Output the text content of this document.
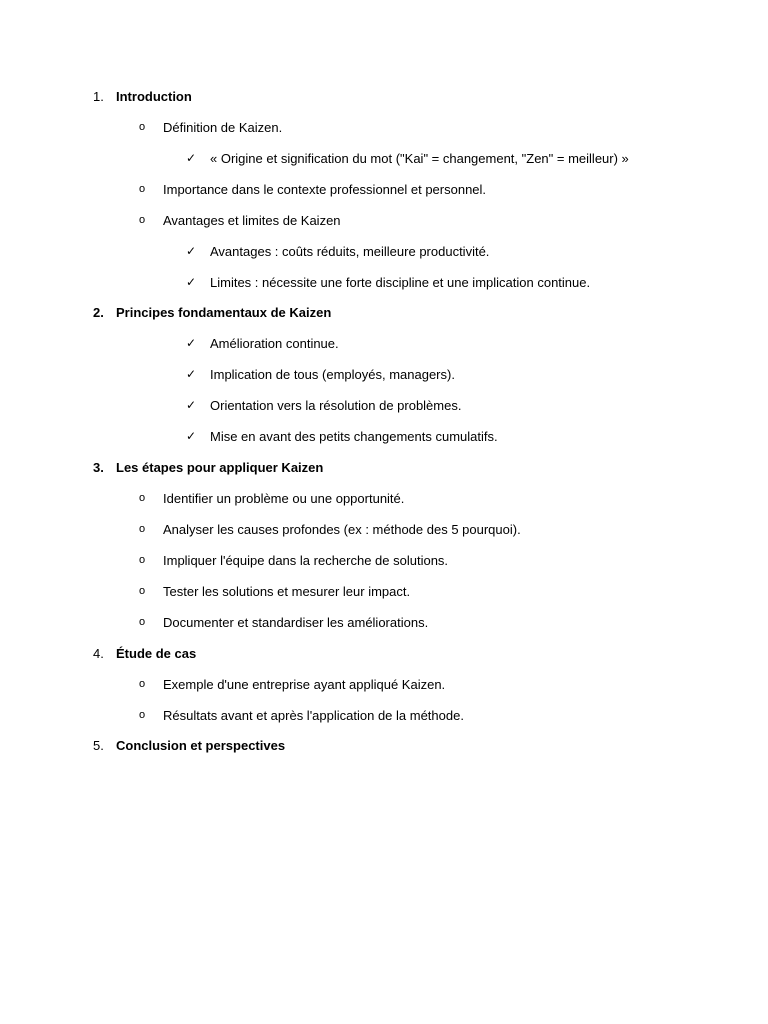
1. Introduction
o	Définition de Kaizen.
✓	« Origine et signification du mot ("Kai" = changement, "Zen" = meilleur) »
o	Importance dans le contexte professionnel et personnel.
o	Avantages et limites de Kaizen
✓	Avantages : coûts réduits, meilleure productivité.
✓	Limites : nécessite une forte discipline et une implication continue.
2. Principes fondamentaux de Kaizen
✓	Amélioration continue.
✓	Implication de tous (employés, managers).
✓	Orientation vers la résolution de problèmes.
✓	Mise en avant des petits changements cumulatifs.
3. Les étapes pour appliquer Kaizen
o	Identifier un problème ou une opportunité.
o	Analyser les causes profondes (ex : méthode des 5 pourquoi).
o	Impliquer l'équipe dans la recherche de solutions.
o	Tester les solutions et mesurer leur impact.
o	Documenter et standardiser les améliorations.
4. Étude de cas
o	Exemple d'une entreprise ayant appliqué Kaizen.
o	Résultats avant et après l'application de la méthode.
5. Conclusion et perspectives
